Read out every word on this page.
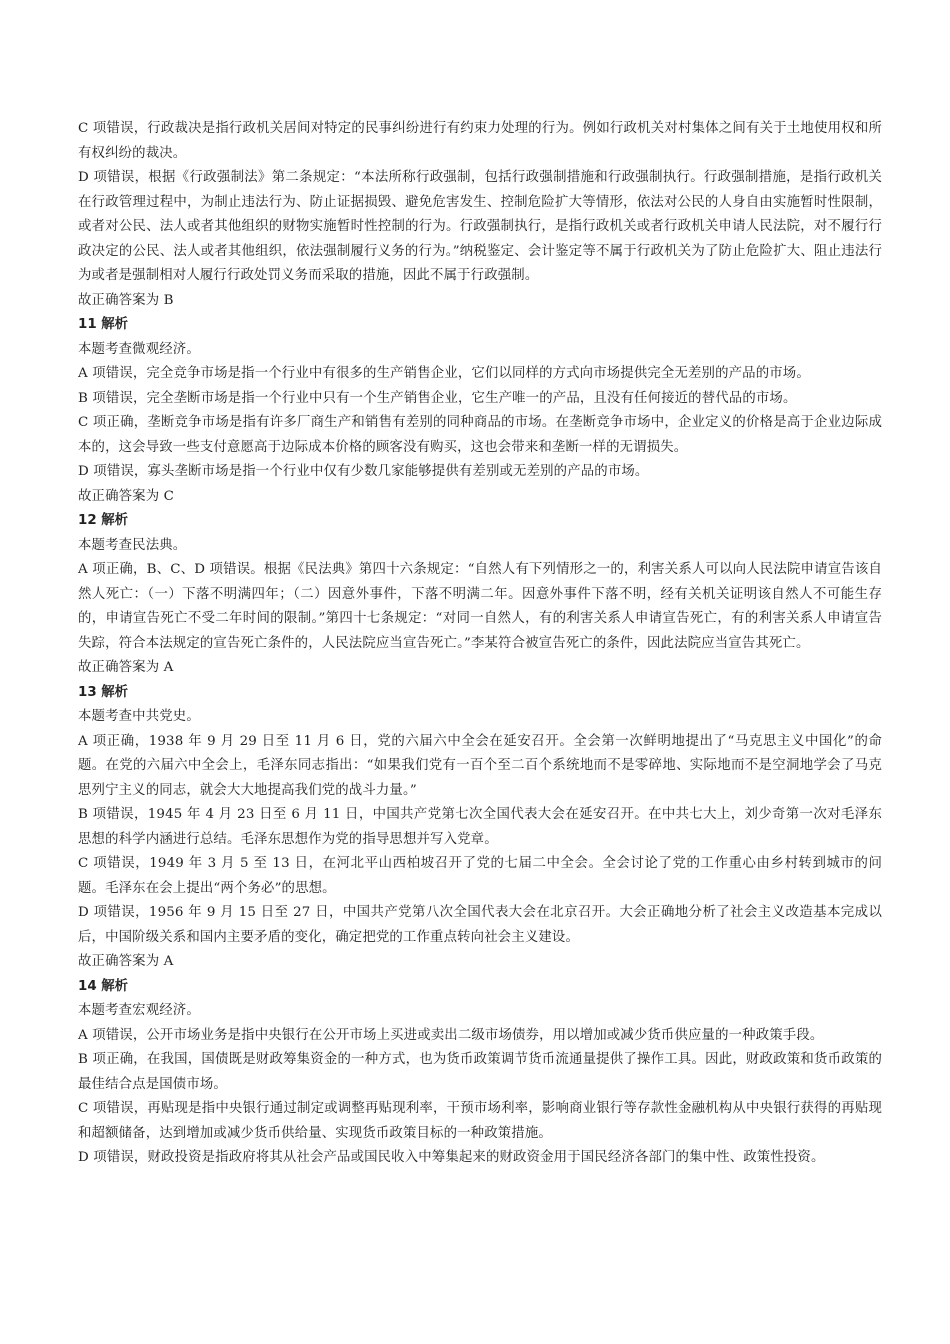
C 项错误，行政裁决是指行政机关居间对特定的民事纠纷进行有约束力处理的行为。例如行政机关对村集体之间有关于土地使用权和所有权纠纷的裁决。

D 项错误，根据《行政强制法》第二条规定：“本法所称行政强制，包括行政强制措施和行政强制执行。行政强制措施，是指行政机关在行政管理过程中，为制止违法行为、防止证据损毁、避免危害发生、控制危险扩大等情形，依法对公民的人身自由实施暂时性限制，或者对公民、法人或者其他组织的财物实施暂时性控制的行为。行政强制执行，是指行政机关或者行政机关申请人民法院，对不履行行政决定的公民、法人或者其他组织，依法强制履行义务的行为。”纳税鉴定、会计鉴定等不属于行政机关为了防止危险扩大、阻止违法行为或者是强制相对人履行行政处罚义务而采取的措施，因此不属于行政强制。

故正确答案为 B

11 解析

本题考查微观经济。

A 项错误，完全竞争市场是指一个行业中有很多的生产销售企业，它们以同样的方式向市场提供完全无差别的产品的市场。

B 项错误，完全垄断市场是指一个行业中只有一个生产销售企业，它生产唯一的产品，且没有任何接近的替代品的市场。

C 项正确，垄断竞争市场是指有许多厂商生产和销售有差别的同种商品的市场。在垄断竞争市场中，企业定义的价格是高于企业边际成本的，这会导致一些支付意愿高于边际成本价格的顾客没有购买，这也会带来和垄断一样的无谓损失。

D 项错误，寡头垄断市场是指一个行业中仅有少数几家能够提供有差别或无差别的产品的市场。

故正确答案为 C

12 解析

本题考查民法典。

A 项正确，B、C、D 项错误。根据《民法典》第四十六条规定：“自然人有下列情形之一的，利害关系人可以向人民法院申请宣告该自然人死亡：（一）下落不明满四年；（二）因意外事件，下落不明满二年。因意外事件下落不明，经有关机关证明该自然人不可能生存的，申请宣告死亡不受二年时间的限制。”第四十七条规定：“对同一自然人，有的利害关系人申请宣告死亡，有的利害关系人申请宣告失踪，符合本法规定的宣告死亡条件的，人民法院应当宣告死亡。”李某符合被宣告死亡的条件，因此法院应当宣告其死亡。

故正确答案为 A

13 解析

本题考查中共党史。

A 项正确，1938 年 9 月 29 日至 11 月 6 日，党的六届六中全会在延安召开。全会第一次鲜明地提出了“马克思主义中国化”的命题。在党的六届六中全会上，毛泽东同志指出：“如果我们党有一百个至二百个系统地而不是零碎地、实际地而不是空洞地学会了马克思列宁主义的同志，就会大大地提高我们党的战斗力量。”

B 项错误，1945 年 4 月 23 日至 6 月 11 日，中国共产党第七次全国代表大会在延安召开。在中共七大上，刘少奇第一次对毛泽东思想的科学内涵进行总结。毛泽东思想作为党的指导思想并写入党章。

C 项错误，1949 年 3 月 5 至 13 日，在河北平山西柏坡召开了党的七届二中全会。全会讨论了党的工作重心由乡村转到城市的问题。毛泽东在会上提出“两个务必”的思想。

D 项错误，1956 年 9 月 15 日至 27 日，中国共产党第八次全国代表大会在北京召开。大会正确地分析了社会主义改造基本完成以后，中国阶级关系和国内主要矛盾的变化，确定把党的工作重点转向社会主义建设。

故正确答案为 A

14 解析

本题考查宏观经济。

A 项错误，公开市场业务是指中央银行在公开市场上买进或卖出二级市场债券，用以增加或减少货币供应量的一种政策手段。

B 项正确，在我国，国债既是财政筹集资金的一种方式，也为货币政策调节货币流通量提供了操作工具。因此，财政政策和货币政策的最佳结合点是国债市场。

C 项错误，再贴现是指中央银行通过制定或调整再贴现利率，干预市场利率，影响商业银行等存款性金融机构从中央银行获得的再贴现和超额储备，达到增加或减少货币供给量、实现货币政策目标的一种政策措施。

D 项错误，财政投资是指政府将其从社会产品或国民收入中筹集起来的财政资金用于国民经济各部门的集中性、政策性投资。
